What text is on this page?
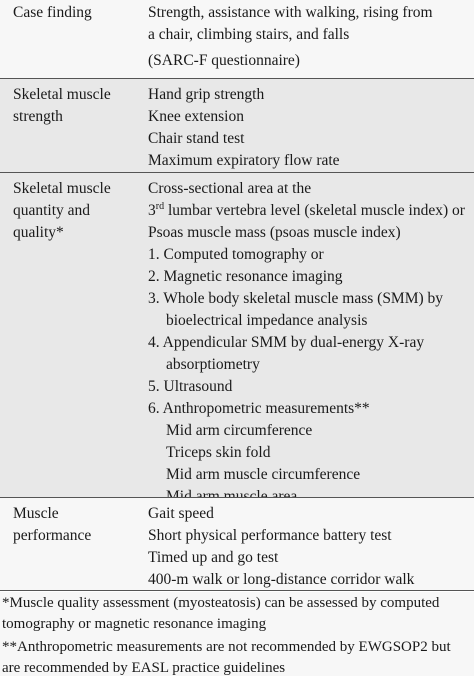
Case finding	Strength, assistance with walking, rising from
a chair, climbing stairs, and falls
(SARC-F questionnaire)
Skeletal muscle
strength
Hand grip strength
Knee extension
Chair stand test
Maximum expiratory flow rate
Skeletal muscle
quantity and
quality*
Cross-sectional area at the
3rd lumbar vertebra level (skeletal muscle index) or
Psoas muscle mass (psoas muscle index)
1. Computed tomography or
2. Magnetic resonance imaging
3. Whole body skeletal muscle mass (SMM) by
bioelectrical impedance analysis
4. Appendicular SMM by dual-energy X-ray
absorptiometry
5. Ultrasound
6. Anthropometric measurements**
Mid arm circumference
Triceps skin fold
Mid arm muscle circumference
Muscle
performance
Gait speed
Short physical performance battery test
Timed up and go test
400-m walk or long-distance corridor walk
*Muscle quality assessment (myosteatosis) can be assessed by computed
tomography or magnetic resonance imaging
**Anthropometric measurements are not recommended by EWGSOP2 but
are recommended by EASL practice guidelines
